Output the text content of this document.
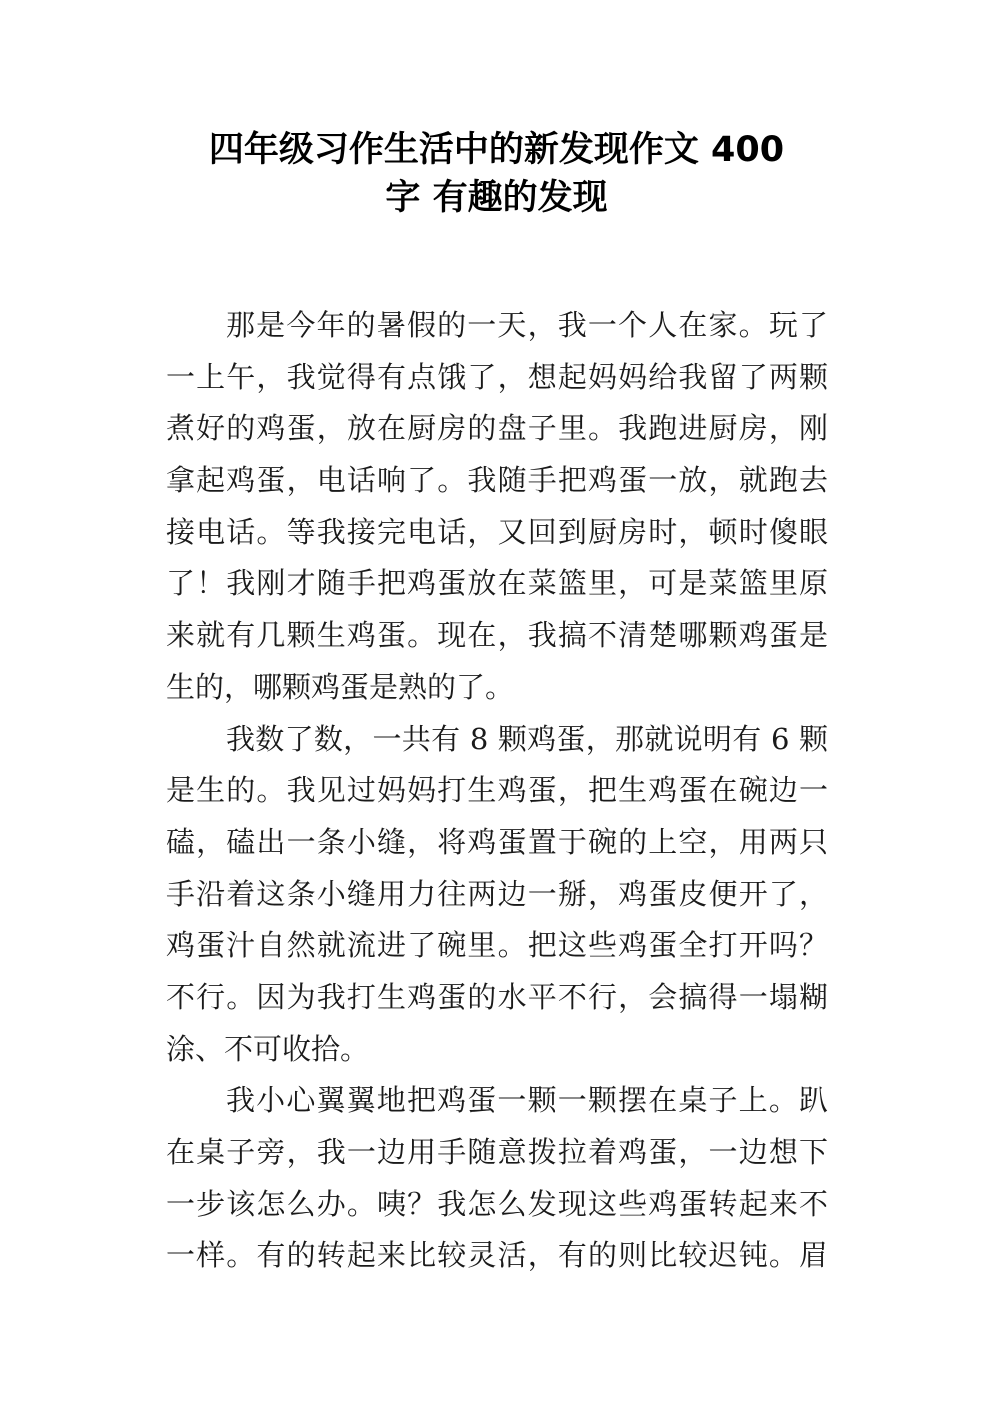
四年级习作生活中的新发现作文 400
字 有趣的发现
那是今年的暑假的一天，我一个人在家。玩了
一上午，我觉得有点饿了，想起妈妈给我留了两颗
煮好的鸡蛋，放在厨房的盘子里。我跑进厨房，刚
拿起鸡蛋，电话响了。我随手把鸡蛋一放，就跑去
接电话。等我接完电话，又回到厨房时，顿时傻眼
了！我刚才随手把鸡蛋放在菜篮里，可是菜篮里原
来就有几颗生鸡蛋。现在，我搞不清楚哪颗鸡蛋是
生的，哪颗鸡蛋是熟的了。
我数了数，一共有 8 颗鸡蛋，那就说明有 6 颗
是生的。我见过妈妈打生鸡蛋，把生鸡蛋在碗边一
磕，磕出一条小缝，将鸡蛋置于碗的上空，用两只
手沿着这条小缝用力往两边一掰，鸡蛋皮便开了，
鸡蛋汁自然就流进了碗里。把这些鸡蛋全打开吗？
不行。因为我打生鸡蛋的水平不行，会搞得一塌糊
涂、不可收拾。
我小心翼翼地把鸡蛋一颗一颗摆在桌子上。趴
在桌子旁，我一边用手随意拨拉着鸡蛋，一边想下
一步该怎么办。咦？我怎么发现这些鸡蛋转起来不
一样。有的转起来比较灵活，有的则比较迟钝。眉
